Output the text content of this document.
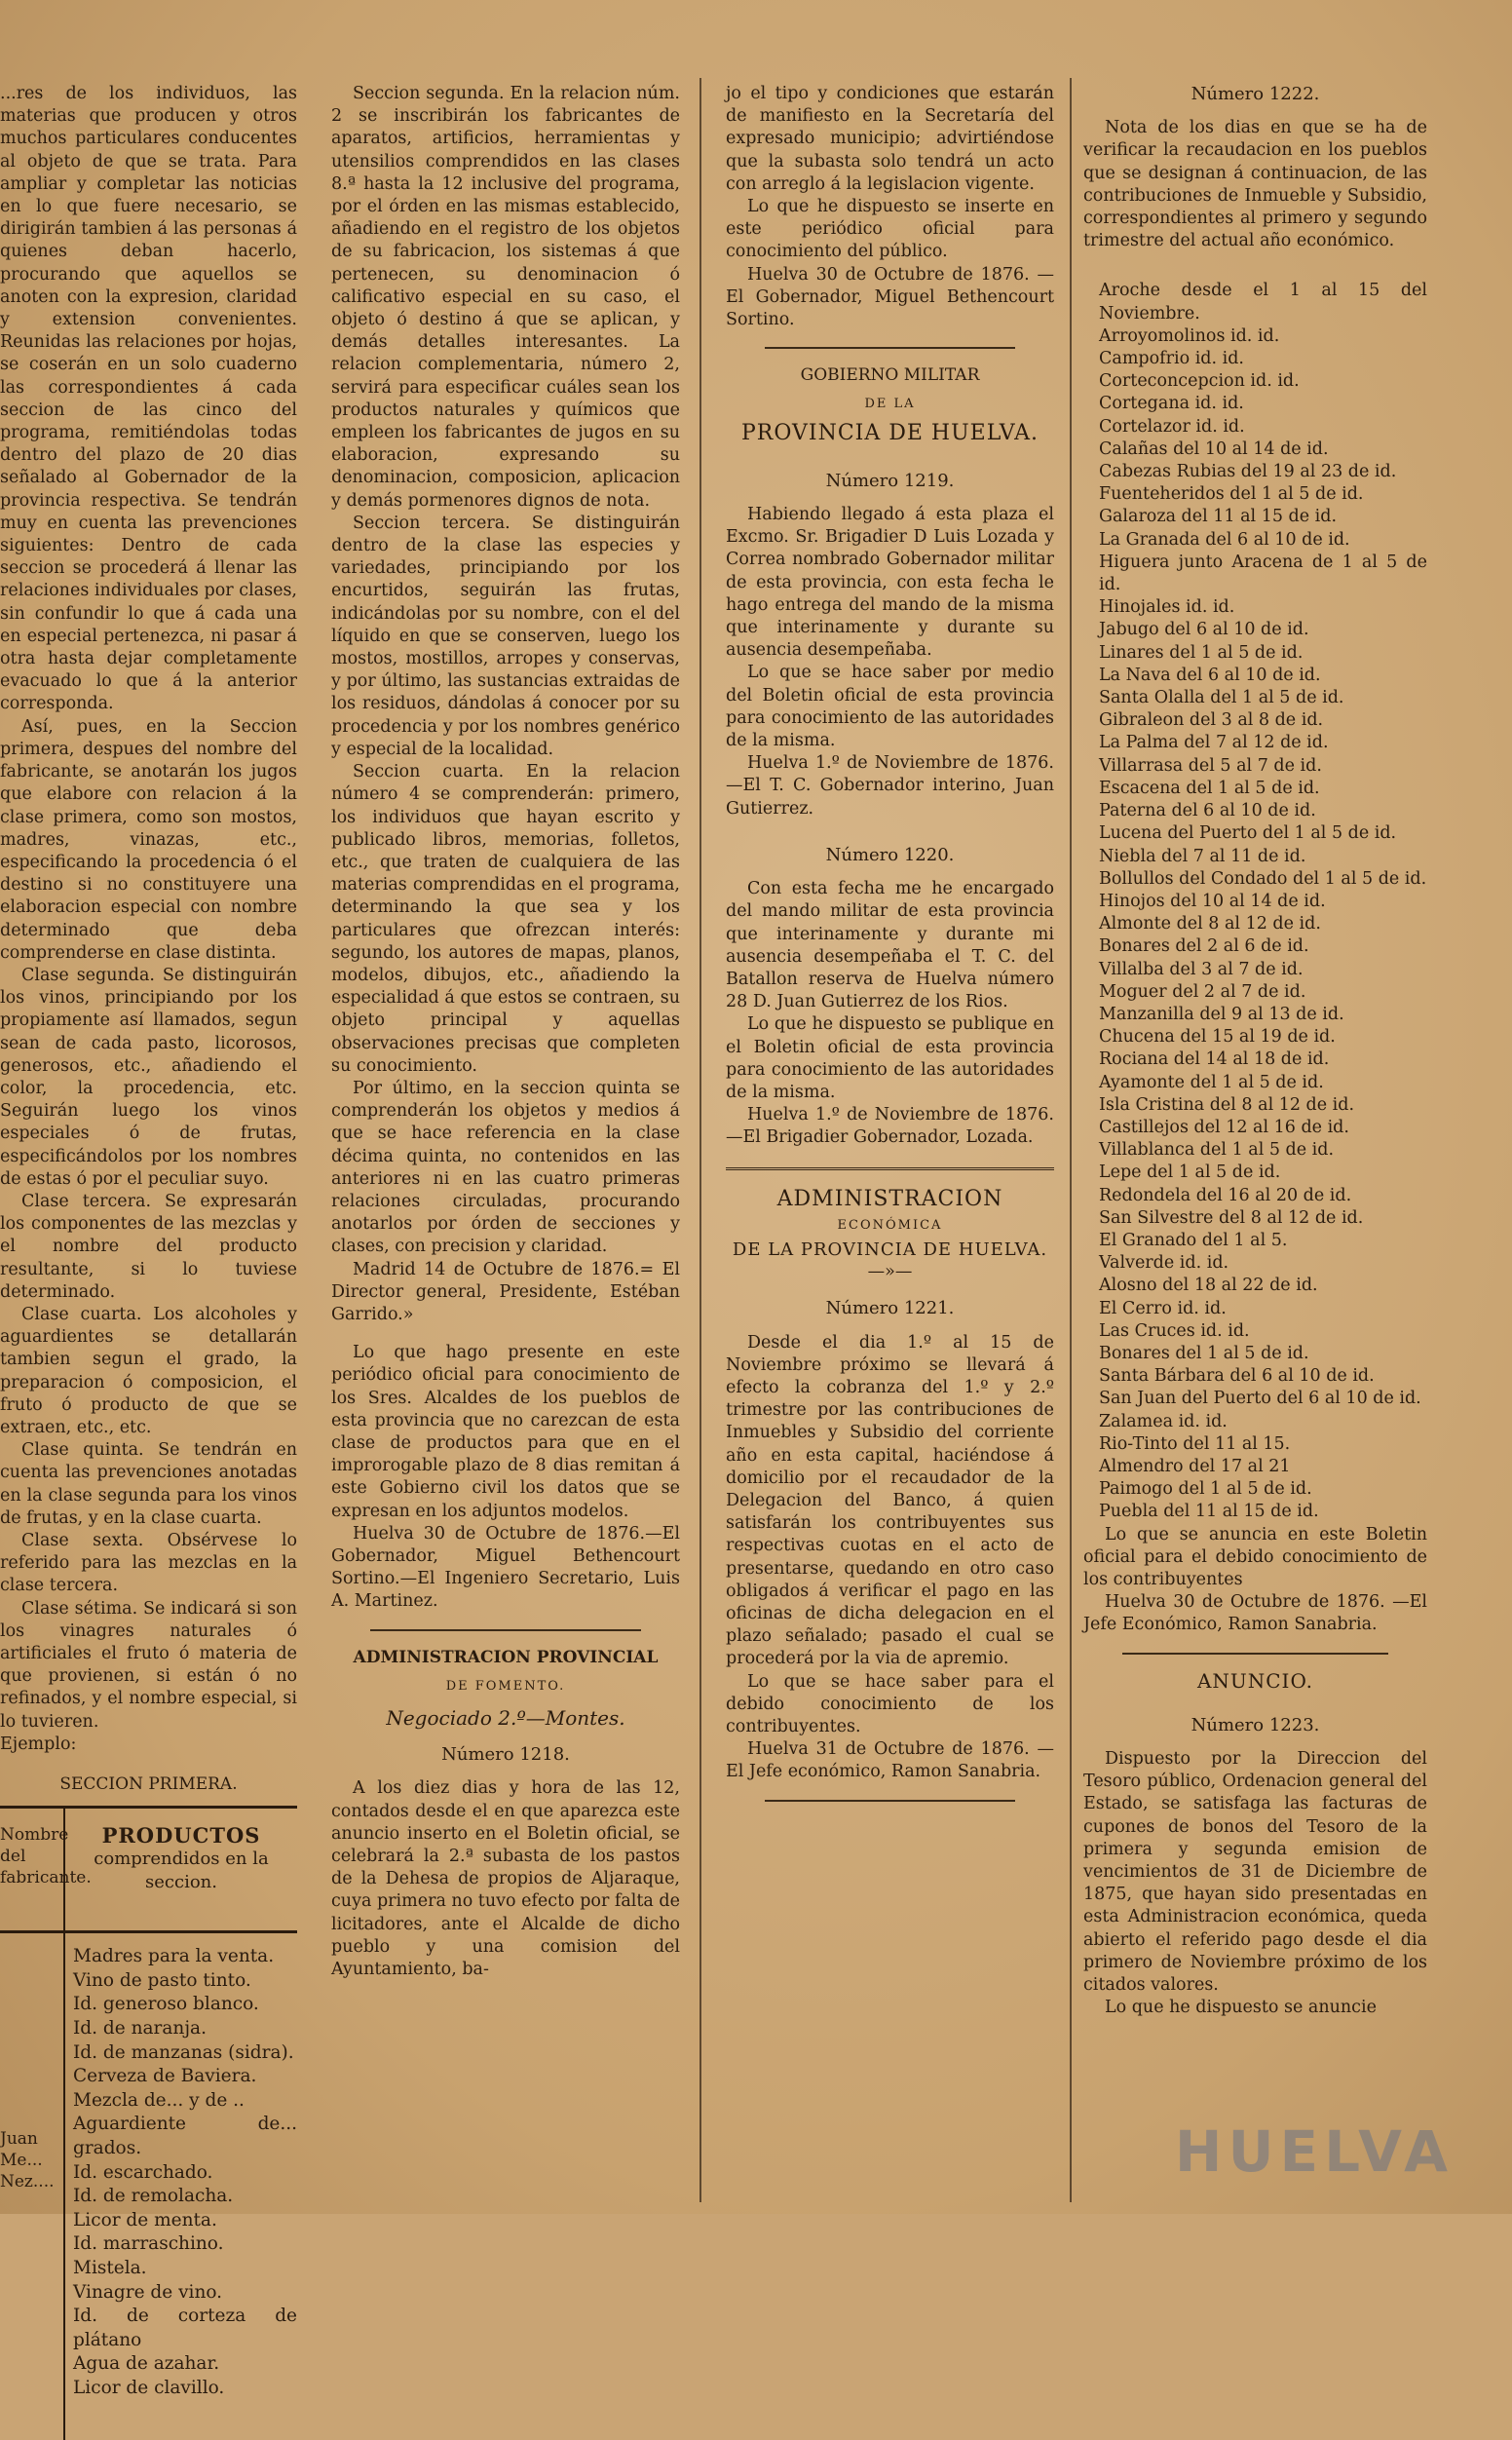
...res de los individuos, las materias que producen y otros muchos particulares conducentes al objeto de que se trata. Para ampliar y completar las noticias en lo que fuere necesario, se dirigirán tambien á las personas á quienes deban hacerlo, procurando que aquellos se anoten con la expresion, claridad y extension convenientes. Reunidas las relaciones por hojas, se coserán en un solo cuaderno las correspondientes á cada seccion de las cinco del programa, remitiéndolas todas dentro del plazo de 20 dias señalado al Gobernador de la provincia respectiva. Se tendrán muy en cuenta las prevenciones siguientes: Dentro de cada seccion se procederá á llenar las relaciones individuales por clases, sin confundir lo que á cada una en especial pertenezca, ni pasar á otra hasta dejar completamente evacuado lo que á la anterior corresponda.

Así, pues, en la Seccion primera, despues del nombre del fabricante, se anotarán los jugos que elabore con relacion á la clase primera, como son mostos, madres, vinazas, etc., especificando la procedencia ó el destino si no constituyere una elaboracion especial con nombre determinado que deba comprenderse en clase distinta.

Clase segunda. Se distinguirán los vinos, principiando por los propiamente así llamados, segun sean de cada pasto, licorosos, generosos, etc., añadiendo el color, la procedencia, etc. Seguirán luego los vinos especiales ó de frutas, especificándolos por los nombres de estas ó por el peculiar suyo.

Clase tercera. Se expresarán los componentes de las mezclas y el nombre del producto resultante, si lo tuviese determinado.

Clase cuarta. Los alcoholes y aguardientes se detallarán tambien segun el grado, la preparacion ó composicion, el fruto ó producto de que se extraen, etc., etc.

Clase quinta. Se tendrán en cuenta las prevenciones anotadas en la clase segunda para los vinos de frutas, y en la clase cuarta.

Clase sexta. Obsérvese lo referido para las mezclas en la clase tercera.

Clase sétima. Se indicará si son los vinagres naturales ó artificiales el fruto ó materia de que provienen, si están ó no refinados, y el nombre especial, si lo tuvieren.

Ejemplo:

SECCION PRIMERA.
Nombre del fabricante.
PRODUCTOS
comprendidos en la seccion.
Juan Me... Nez....
Madres para la venta.
Vino de pasto tinto.
Id. generoso blanco.
Id. de naranja.
Id. de manzanas (sidra).
Cerveza de Baviera.
Mezcla de... y de ..
Aguardiente de... grados.
Id. escarchado.
Id. de remolacha.
Licor de menta.
Id. marraschino.
Mistela.
Vinagre de vino.
Id. de corteza de plátano
Agua de azahar.
Licor de clavillo.

Seccion segunda. En la relacion núm. 2 se inscribirán los fabricantes de aparatos, artificios, herramientas y utensilios comprendidos en las clases 8.ª hasta la 12 inclusive del programa, por el órden en las mismas establecido, añadiendo en el registro de los objetos de su fabricacion, los sistemas á que pertenecen, su denominacion ó calificativo especial en su caso, el objeto ó destino á que se aplican, y demás detalles interesantes. La relacion complementaria, número 2, servirá para especificar cuáles sean los productos naturales y químicos que empleen los fabricantes de jugos en su elaboracion, expresando su denominacion, composicion, aplicacion y demás pormenores dignos de nota.

Seccion tercera. Se distinguirán dentro de la clase las especies y variedades, principiando por los encurtidos, seguirán las frutas, indicándolas por su nombre, con el del líquido en que se conserven, luego los mostos, mostillos, arropes y conservas, y por último, las sustancias extraidas de los residuos, dándolas á conocer por su procedencia y por los nombres genérico y especial de la localidad.

Seccion cuarta. En la relacion número 4 se comprenderán: primero, los individuos que hayan escrito y publicado libros, memorias, folletos, etc., que traten de cualquiera de las materias comprendidas en el programa, determinando la que sea y los particulares que ofrezcan interés: segundo, los autores de mapas, planos, modelos, dibujos, etc., añadiendo la especialidad á que estos se contraen, su objeto principal y aquellas observaciones precisas que completen su conocimiento.

Por último, en la seccion quinta se comprenderán los objetos y medios á que se hace referencia en la clase décima quinta, no contenidos en las anteriores ni en las cuatro primeras relaciones circuladas, procurando anotarlos por órden de secciones y clases, con precision y claridad.

Madrid 14 de Octubre de 1876.= El Director general, Presidente, Estéban Garrido.»

Lo que hago presente en este periódico oficial para conocimiento de los Sres. Alcaldes de los pueblos de esta provincia que no carezcan de esta clase de productos para que en el improrogable plazo de 8 dias remitan á este Gobierno civil los datos que se expresan en los adjuntos modelos.

Huelva 30 de Octubre de 1876.—El Gobernador, Miguel Bethencourt Sortino.—El Ingeniero Secretario, Luis A. Martinez.

ADMINISTRACION PROVINCIAL
DE FOMENTO.
Negociado 2.º—Montes.
Número 1218.

A los diez dias y hora de las 12, contados desde el en que aparezca este anuncio inserto en el Boletin oficial, se celebrará la 2.ª subasta de los pastos de la Dehesa de propios de Aljaraque, cuya primera no tuvo efecto por falta de licitadores, ante el Alcalde de dicho pueblo y una comision del Ayuntamiento, ba-

jo el tipo y condiciones que estarán de manifiesto en la Secretaría del expresado municipio; advirtiéndose que la subasta solo tendrá un acto con arreglo á la legislacion vigente.

Lo que he dispuesto se inserte en este periódico oficial para conocimiento del público.

Huelva 30 de Octubre de 1876. —El Gobernador, Miguel Bethencourt Sortino.

GOBIERNO MILITAR
DE LA
PROVINCIA DE HUELVA.
Número 1219.

Habiendo llegado á esta plaza el Excmo. Sr. Brigadier D Luis Lozada y Correa nombrado Gobernador militar de esta provincia, con esta fecha le hago entrega del mando de la misma que interinamente y durante su ausencia desempeñaba.

Lo que se hace saber por medio del Boletin oficial de esta provincia para conocimiento de las autoridades de la misma.

Huelva 1.º de Noviembre de 1876.—El T. C. Gobernador interino, Juan Gutierrez.

Número 1220.

Con esta fecha me he encargado del mando militar de esta provincia que interinamente y durante mi ausencia desempeñaba el T. C. del Batallon reserva de Huelva número 28 D. Juan Gutierrez de los Rios.

Lo que he dispuesto se publique en el Boletin oficial de esta provincia para conocimiento de las autoridades de la misma.

Huelva 1.º de Noviembre de 1876.—El Brigadier Gobernador, Lozada.

ADMINISTRACION
ECONÓMICA
DE LA PROVINCIA DE HUELVA.
—»—
Número 1221.

Desde el dia 1.º al 15 de Noviembre próximo se llevará á efecto la cobranza del 1.º y 2.º trimestre por las contribuciones de Inmuebles y Subsidio del corriente año en esta capital, haciéndose á domicilio por el recaudador de la Delegacion del Banco, á quien satisfarán los contribuyentes sus respectivas cuotas en el acto de presentarse, quedando en otro caso obligados á verificar el pago en las oficinas de dicha delegacion en el plazo señalado; pasado el cual se procederá por la via de apremio.

Lo que se hace saber para el debido conocimiento de los contribuyentes.

Huelva 31 de Octubre de 1876. —El Jefe económico, Ramon Sanabria.

Número 1222.

Nota de los dias en que se ha de verificar la recaudacion en los pueblos que se designan á continuacion, de las contribuciones de Inmueble y Subsidio, correspondientes al primero y segundo trimestre del actual año económico.

Aroche desde el 1 al 15 del Noviembre.
Arroyomolinos id. id.
Campofrio id. id.
Corteconcepcion id. id.
Cortegana id. id.
Cortelazor id. id.
Calañas del 10 al 14 de id.
Cabezas Rubias del 19 al 23 de id.
Fuenteheridos del 1 al 5 de id.
Galaroza del 11 al 15 de id.
La Granada del 6 al 10 de id.
Higuera junto Aracena de 1 al 5 de id.
Hinojales id. id.
Jabugo del 6 al 10 de id.
Linares del 1 al 5 de id.
La Nava del 6 al 10 de id.
Santa Olalla del 1 al 5 de id.
Gibraleon del 3 al 8 de id.
La Palma del 7 al 12 de id.
Villarrasa del 5 al 7 de id.
Escacena del 1 al 5 de id.
Paterna del 6 al 10 de id.
Lucena del Puerto del 1 al 5 de id.
Niebla del 7 al 11 de id.
Bollullos del Condado del 1 al 5 de id.
Hinojos del 10 al 14 de id.
Almonte del 8 al 12 de id.
Bonares del 2 al 6 de id.
Villalba del 3 al 7 de id.
Moguer del 2 al 7 de id.
Manzanilla del 9 al 13 de id.
Chucena del 15 al 19 de id.
Rociana del 14 al 18 de id.
Ayamonte del 1 al 5 de id.
Isla Cristina del 8 al 12 de id.
Castillejos del 12 al 16 de id.
Villablanca del 1 al 5 de id.
Lepe del 1 al 5 de id.
Redondela del 16 al 20 de id.
San Silvestre del 8 al 12 de id.
El Granado del 1 al 5.
Valverde id. id.
Alosno del 18 al 22 de id.
El Cerro id. id.
Las Cruces id. id.
Bonares del 1 al 5 de id.
Santa Bárbara del 6 al 10 de id.
San Juan del Puerto del 6 al 10 de id.
Zalamea id. id.
Rio-Tinto del 11 al 15.
Almendro del 17 al 21
Paimogo del 1 al 5 de id.
Puebla del 11 al 15 de id.

Lo que se anuncia en este Boletin oficial para el debido conocimiento de los contribuyentes

Huelva 30 de Octubre de 1876. —El Jefe Económico, Ramon Sanabria.

ANUNCIO.
Número 1223.

Dispuesto por la Direccion del Tesoro público, Ordenacion general del Estado, se satisfaga las facturas de cupones de bonos del Tesoro de la primera y segunda emision de vencimientos de 31 de Diciembre de 1875, que hayan sido presentadas en esta Administracion económica, queda abierto el referido pago desde el dia primero de Noviembre próximo de los citados valores.

Lo que he dispuesto se anuncie

HUELVA
